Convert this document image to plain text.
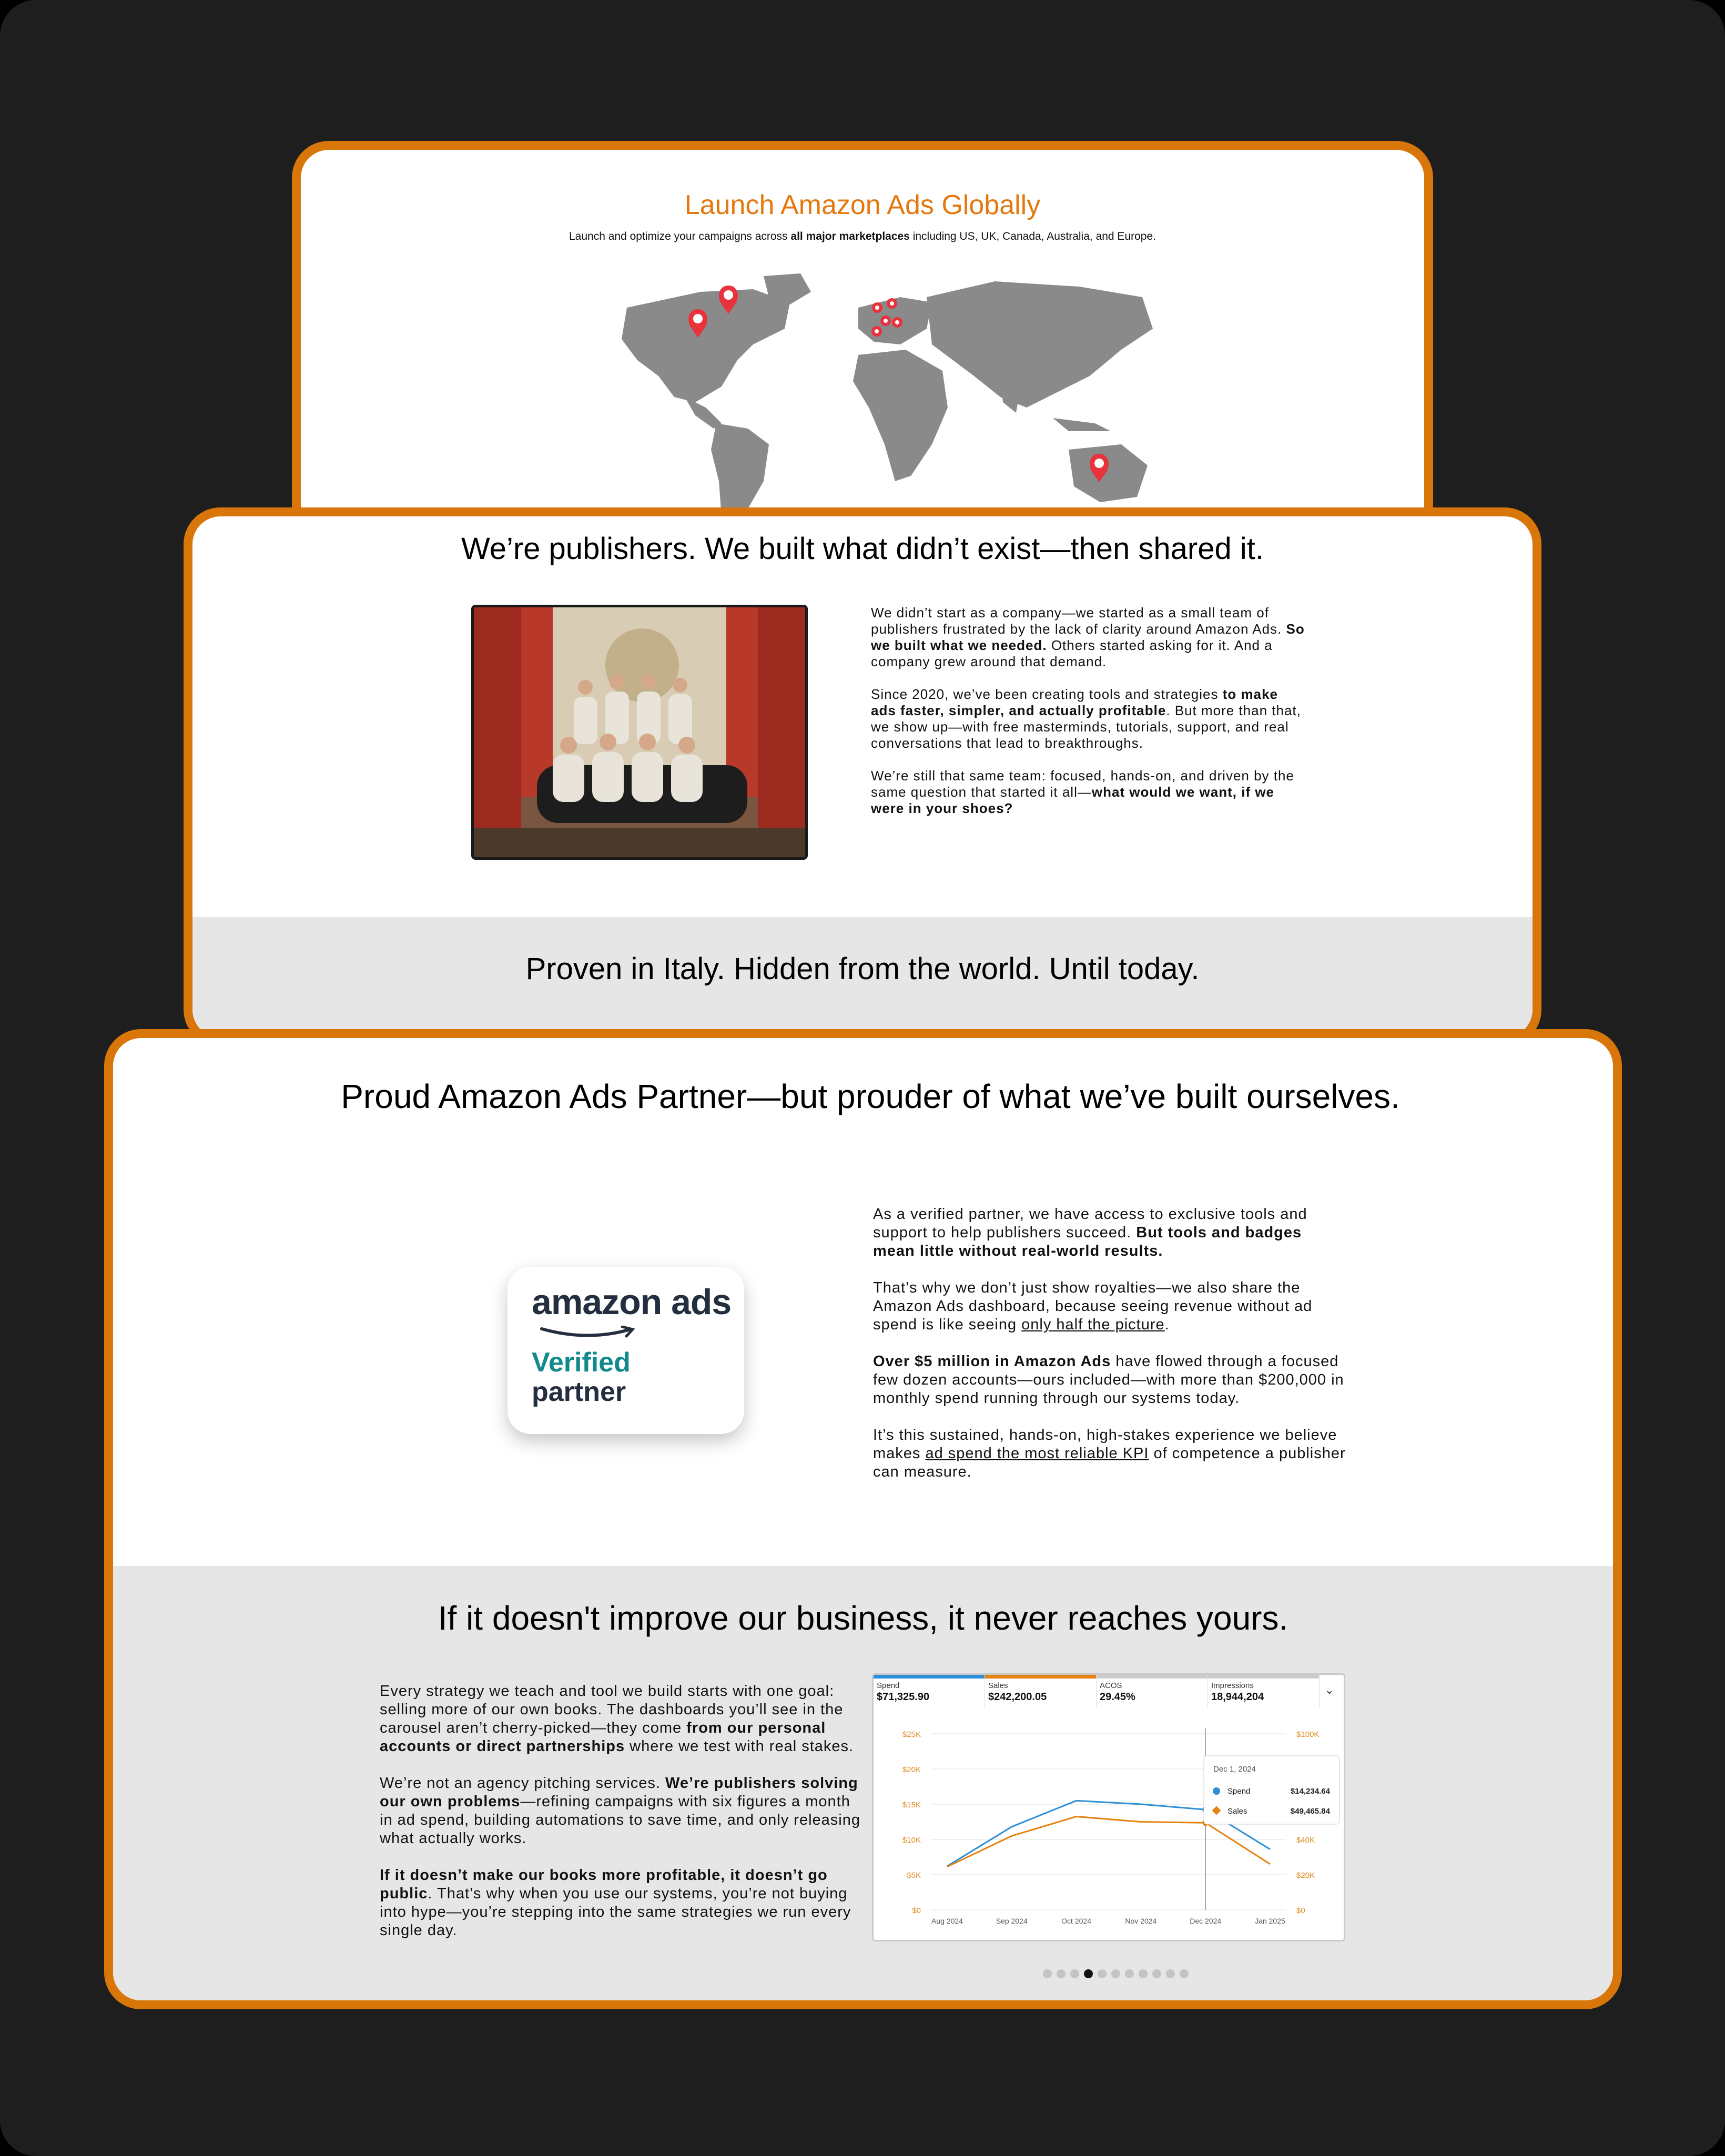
Launch Amazon Ads Globally
Launch and optimize your campaigns across all major marketplaces including US, UK, Canada, Australia, and Europe.
We’re publishers. We built what didn’t exist—then shared it.

We didn’t start as a company—we started as a small team of publishers frustrated by the lack of clarity around Amazon Ads. So we built what we needed. Others started asking for it. And a company grew around that demand.

Since 2020, we’ve been creating tools and strategies to make ads faster, simpler, and actually profitable. But more than that, we show up—with free masterminds, tutorials, support, and real conversations that lead to breakthroughs.

We’re still that same team: focused, hands-on, and driven by the same question that started it all—what would we want, if we were in your shoes?

Proven in Italy. Hidden from the world. Until today.
Proud Amazon Ads Partner—but prouder of what we’ve built ourselves.
amazon ads
Verified
partner

As a verified partner, we have access to exclusive tools and support to help publishers succeed. But tools and badges mean little without real-world results.

That’s why we don’t just show royalties—we also share the Amazon Ads dashboard, because seeing revenue without ad spend is like seeing only half the picture.

Over $5 million in Amazon Ads have flowed through a focused few dozen accounts—ours included—with more than $200,000 in monthly spend running through our systems today.

It’s this sustained, hands-on, high-stakes experience we believe makes ad spend the most reliable KPI of competence a publisher can measure.

If it doesn't improve our business, it never reaches yours.

Every strategy we teach and tool we build starts with one goal: selling more of our own books. The dashboards you’ll see in the carousel aren’t cherry-picked—they come from our personal accounts or direct partnerships where we test with real stakes.

We’re not an agency pitching services. We’re publishers solving our own problems—refining campaigns with six figures a month in ad spend, building automations to save time, and only releasing what actually works.

If it doesn’t make our books more profitable, it doesn’t go public. That’s why when you use our systems, you’re not buying into hype—you’re stepping into the same strategies we run every single day.

Spend
$71,325.90
Sales
$242,200.05
ACOS
29.45%
Impressions
18,944,204
⌄
$25K
$20K
$15K
$10K
$5K
$0
$100K
$40K
$20K
$0
Aug 2024	Sep 2024	Oct 2024	Nov 2024	Dec 2024	Jan 2025
Dec 1, 2024
Spend	$14,234.64
Sales	$49,465.84
